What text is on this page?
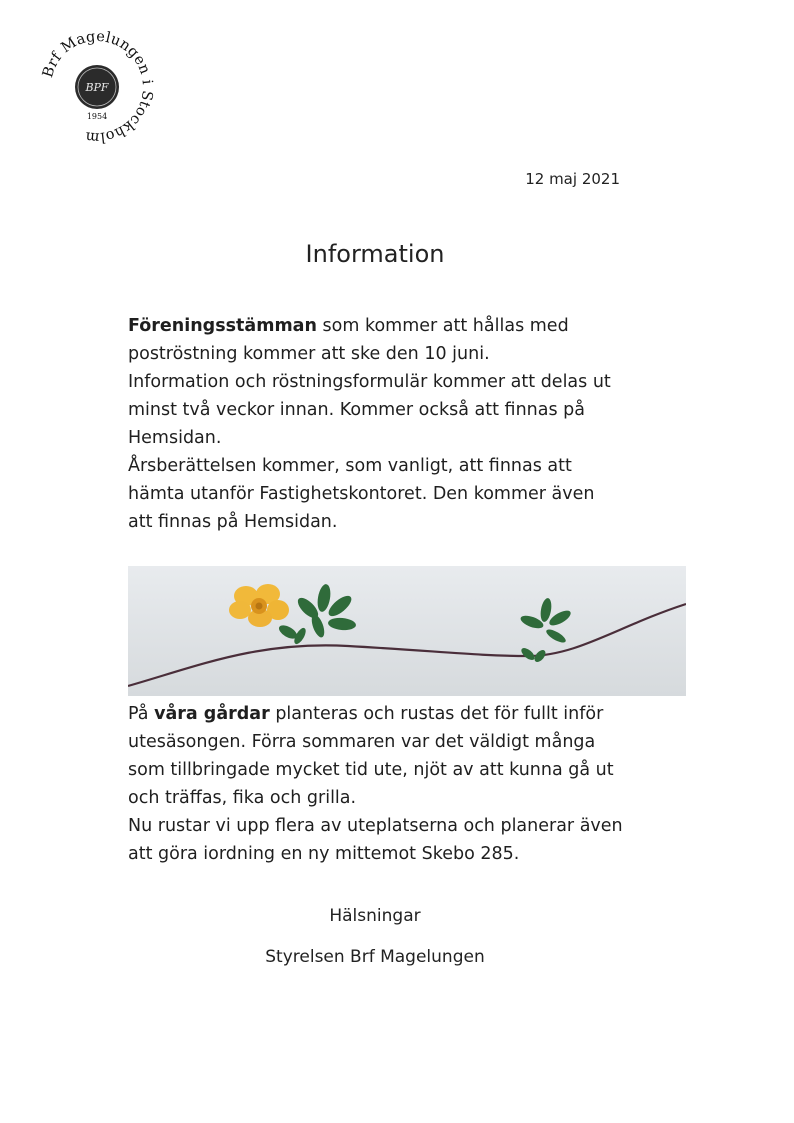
Brf Magelungen i Stockholm
BPF
1954
12 maj 2021
Information

Föreningsstämman som kommer att hållas med

poströstning kommer att ske den 10 juni.

Information och röstningsformulär kommer att delas ut

minst två veckor innan. Kommer också att finnas på

Hemsidan.

Årsberättelsen kommer, som vanligt, att finnas att

hämta utanför Fastighetskontoret. Den kommer även

att finnas på Hemsidan.

På våra gårdar planteras och rustas det för fullt inför

utesäsongen. Förra sommaren var det väldigt många

som tillbringade mycket tid ute, njöt av att kunna gå ut

och träffas, fika och grilla.

Nu rustar vi upp flera av uteplatserna och planerar även

att göra iordning en ny mittemot Skebo 285.

Hälsningar
Styrelsen Brf Magelungen
